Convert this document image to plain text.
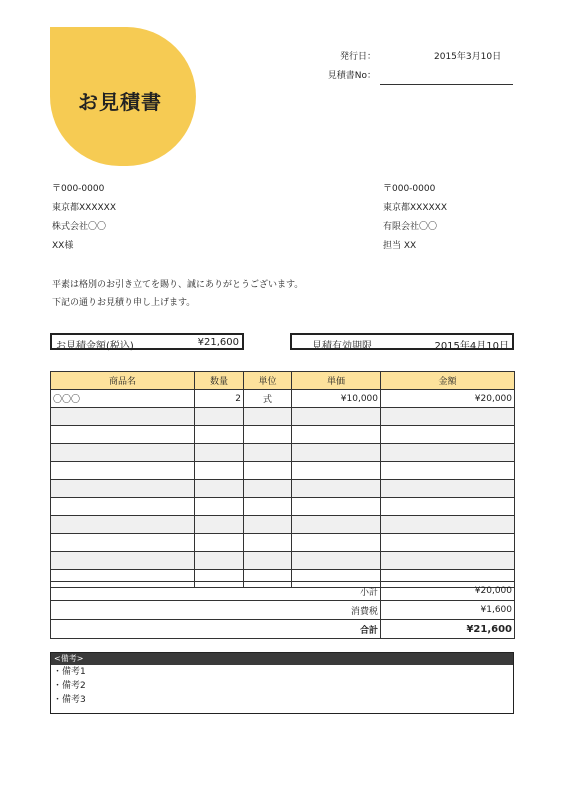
お見積書
発行日：	2015年3月10日
見積書No：
〒000-0000
東京都XXXXXX
株式会社〇〇
XX様
〒000-0000
東京都XXXXXX
有限会社〇〇
担当 XX
平素は格別のお引き立てを賜り、誠にありがとうございます。
下記の通りお見積り申し上げます。
お見積金額(税込)	¥21,600	見積有効期限	2015年4月10日
商品名	数量	単位	単価	金額
〇〇〇	2	式	¥10,000	¥20,000

小計	¥20,000
消費税	¥1,600
合計	¥21,600
<備考>
・備考1
・備考2
・備考3
